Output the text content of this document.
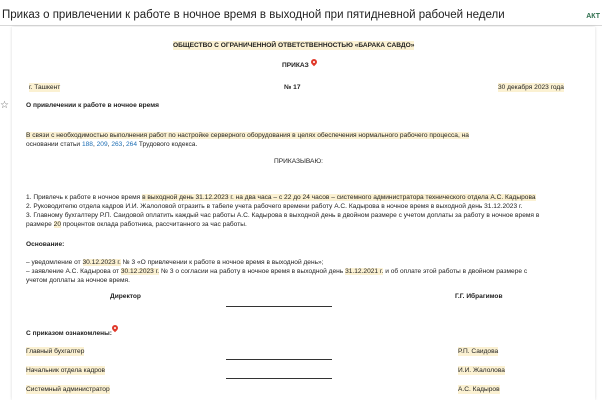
Приказ о привлечении к работе в ночное время в выходной при пятидневной рабочей недели	АКТ
☆
ОБЩЕСТВО С ОГРАНИЧЕННОЙ ОТВЕТСТВЕННОСТЬЮ «БАРАКА САВДО»
ПРИКАЗ
г. Ташкент	№ 17	30 декабря 2023 года
О привлечении к работе в ночное время
В связи с необходимостью выполнения работ по настройке серверного оборудования в целях обеспечения нормального рабочего процесса, на
основании статьи 188, 209, 263, 264 Трудового кодекса.
ПРИКАЗЫВАЮ:
1. Привлечь к работе в ночное время в выходной день 31.12.2023 г. на два часа – с 22 до 24 часов – системного администратора технического отдела А.С. Кадырова
2. Руководителю отдела кадров И.И. Жалоловой отразить в табеле учета рабочего времени работу А.С. Кадырова в ночное время в выходной день 31.12.2023 г.
3. Главному бухгалтеру Р.П. Саидовой оплатить каждый час работы А.С. Кадырова в выходной день в двойном размере с учетом доплаты за работу в ночное время в
размере 20 процентов оклада работника, рассчитанного за час работы.
Основание:
– уведомление от 30.12.2023 г. № 3 «О привлечении к работе в ночное время в выходной день»;
– заявление А.С. Кадырова от 30.12.2023 г. № 3 о согласии на работу в ночное время в выходной день 31.12.2021 г. и об оплате этой работы в двойном размере с
учетом доплаты за ночное время.
Директор	Г.Г. Ибрагимов
С приказом ознакомлены:
Главный бухгалтер	Р.П. Саидова
Начальник отдела кадров	И.И. Жалолова
Системный администратор	А.С. Кадыров
